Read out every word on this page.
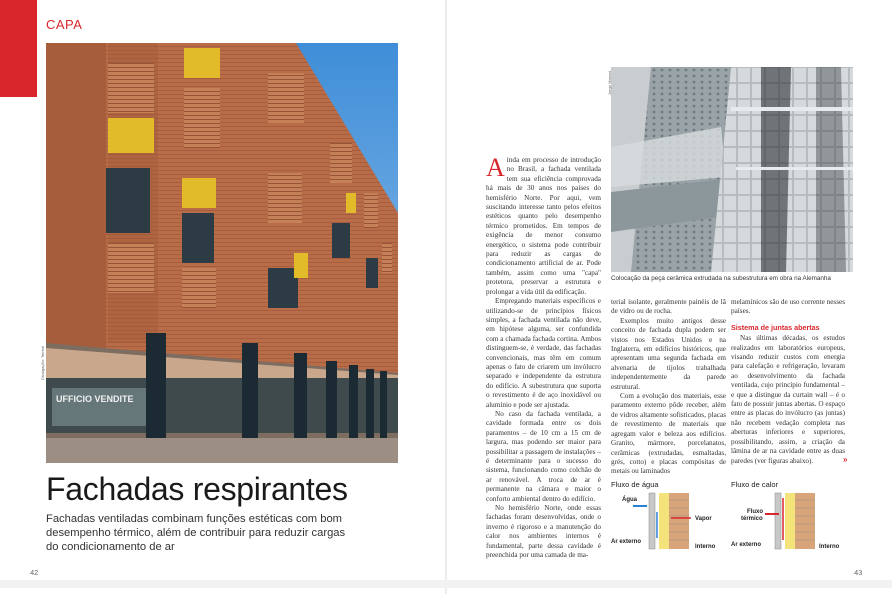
CAPA
UFFICIO VENDITE
Divulgação: Terreal
Fachadas respirantes
Fachadas ventiladas combinam funções estéticas com bom desempenho térmico, além de contribuir para reduzir cargas do condicionamento de ar

Ainda em processo de introdução no Brasil, a fachada ventilada tem sua eficiência comprovada há mais de 30 anos nos países do hemisfério Norte. Por aqui, vem suscitando interesse tanto pelos efeitos estéticos quanto pelo desempenho térmico prometidos. Em tempos de exigência de menor consumo energético, o sistema pode contribuir para reduzir as cargas de condicionamento artificial de ar. Pode também, assim como uma "capa" protetora, preservar a estrutura e prolongar a vida útil da edificação.

Empregando materiais específicos e utilizando-se de princípios físicos simples, a fachada ventilada não deve, em hipótese alguma, ser confundida com a chamada fachada cortina. Ambos distinguem-se, é verdade, das fachadas convencionais, mas têm em comum apenas o fato de criarem um invólucro separado e independente da estrutura do edifício. A subestrutura que suporta o revestimento é de aço inoxidável ou alumínio e pode ser ajustada.

No caso da fachada ventilada, a cavidade formada entre os dois paramentos – de 10 cm a 15 cm de largura, mas podendo ser maior para possibilitar a passagem de instalações – é determinante para o sucesso do sistema, funcionando como colchão de ar renovável. A troca de ar é permanente na câmara e maior o conforto ambiental dentro do edifício.

No hemisfério Norte, onde essas fachadas foram desenvolvidas, onde o inverno é rigoroso e a manutenção do calor nos ambientes internos é fundamental, parte dessa cavidade é preenchida por uma camada de ma-

Jorge Marioni
Colocação da peça cerâmica extrudada na subestrutura em obra na Alemanha

terial isolante, geralmente painéis de lã de vidro ou de rocha.

Exemplos muito antigos desse conceito de fachada dupla podem ser vistos nos Estados Unidos e na Inglaterra, em edifícios históricos, que apresentam uma segunda fachada em alvenaria de tijolos trabalhada independentemente da parede estrutural.

Com a evolução dos materiais, esse paramento externo pôde receber, além de vidros altamente sofisticados, placas de revestimento de materiais que agregam valor e beleza aos edifícios. Granito, mármore, porcelanatos, cerâmicas (extrudadas, esmaltadas, grés, cotto) e placas compósitas de metais ou laminados

melamínicos são de uso corrente nesses países.

Sistema de juntas abertas

Nas últimas décadas, os estudos realizados em laboratórios europeus, visando reduzir custos com energia para calefação e refrigeração, levaram ao desenvolvimento da fachada ventilada, cujo princípio fundamental – e que a distingue da curtain wall – é o fato de possuir juntas abertas. O espaço entre as placas do invólucro (as juntas) não recebem vedação completa nas aberturas inferiores e superiores, possibilitando, assim, a criação da lâmina de ar na cavidade entre as duas paredes (ver figuras abaixo).	»
Fluxo de água
Água
Vapor
Ar externo
Interno
Fluxo de calor
Fluxo
térmico
Ar externo	Interno
42	43
